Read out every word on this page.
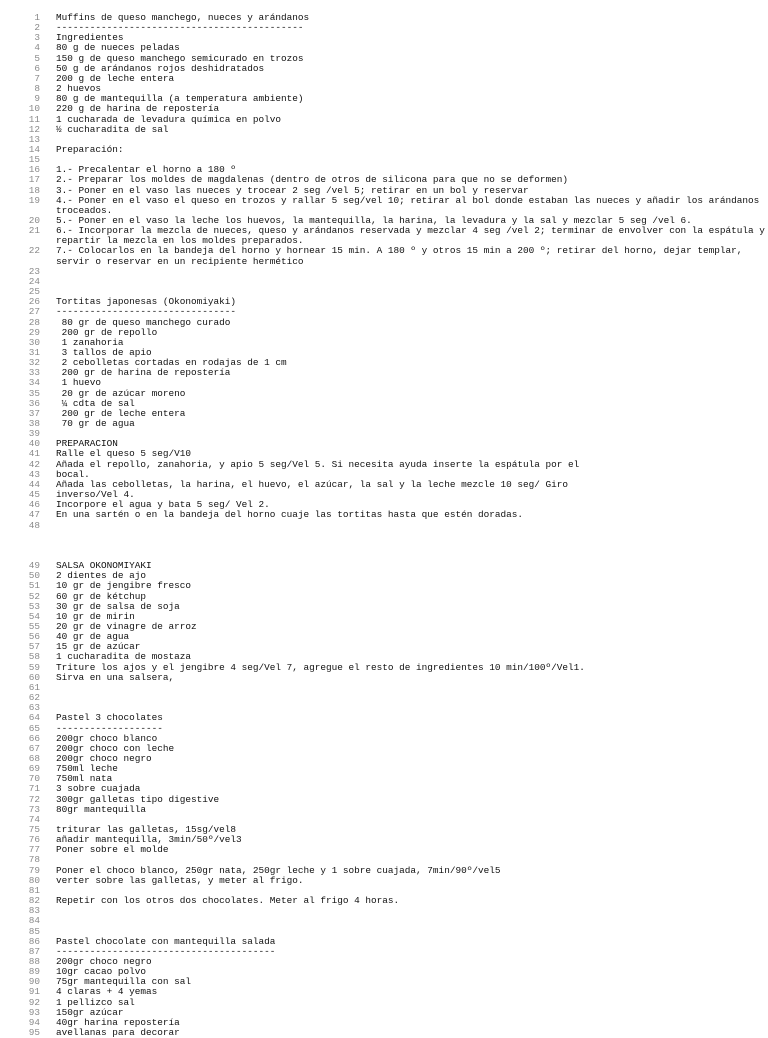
1 Muffins de queso manchego, nueces y arándanos
2 --------------------------------------------
3 Ingredientes
4 80 g de nueces peladas
5 150 g de queso manchego semicurado en trozos
6 50 g de arándanos rojos deshidratados
7 200 g de leche entera
8 2 huevos
9 80 g de mantequilla (a temperatura ambiente)
10 220 g de harina de repostería
11 1 cucharada de levadura química en polvo
12 ½ cucharadita de sal
13
14 Preparación:
15
16 1.- Precalentar el horno a 180 º
17 2.- Preparar los moldes de magdalenas (dentro de otros de silicona para que no se deformen)
18 3.- Poner en el vaso las nueces y trocear 2 seg /vel 5; retirar en un bol y reservar
19 4.- Poner en el vaso el queso en trozos y rallar 5 seg/vel 10; retirar al bol donde estaban las nueces y añadir los arándanos
troceados.
20 5.- Poner en el vaso la leche los huevos, la mantequilla, la harina, la levadura y la sal y mezclar 5 seg /vel 6.
21 6.- Incorporar la mezcla de nueces, queso y arándanos reservada y mezclar 4 seg /vel 2; terminar de envolver con la espátula y
repartir la mezcla en los moldes preparados.
22 7.- Colocarlos en la bandeja del horno y hornear 15 min. A 180 º y otros 15 min a 200 º; retirar del horno, dejar templar,
servir o reservar en un recipiente hermético
23
24
25
26 Tortitas japonesas (Okonomiyaki)
27 --------------------------------
28 80 gr de queso manchego curado
29 200 gr de repollo
30 1 zanahoria
31 3 tallos de apio
32 2 cebolletas cortadas en rodajas de 1 cm
33 200 gr de harina de repostería
34 1 huevo
35 20 gr de azúcar moreno
36 ¼ cdta de sal
37 200 gr de leche entera
38 70 gr de agua
39
40 PREPARACION
41 Ralle el queso 5 seg/V10
42 Añada el repollo, zanahoria, y apio 5 seg/Vel 5. Si necesita ayuda inserte la espátula por el
43 bocal.
44 Añada las cebolletas, la harina, el huevo, el azúcar, la sal y la leche mezcle 10 seg/ Giro
45 inverso/Vel 4.
46 Incorpore el agua y bata 5 seg/ Vel 2.
47 En una sartén o en la bandeja del horno cuaje las tortitas hasta que estén doradas.
48
49 SALSA OKONOMIYAKI
50 2 dientes de ajo
51 10 gr de jengibre fresco
52 60 gr de kétchup
53 30 gr de salsa de soja
54 10 gr de mirin
55 20 gr de vinagre de arroz
56 40 gr de agua
57 15 gr de azúcar
58 1 cucharadita de mostaza
59 Triture los ajos y el jengibre 4 seg/Vel 7, agregue el resto de ingredientes 10 min/100º/Vel1.
60 Sirva en una salsera,
61
62
63
64 Pastel 3 chocolates
65 -------------------
66 200gr choco blanco
67 200gr choco con leche
68 200gr choco negro
69 750ml leche
70 750ml nata
71 3 sobre cuajada
72 300gr galletas tipo digestive
73 80gr mantequilla
74
75 triturar las galletas, 15sg/vel8
76 añadir mantequilla, 3min/50º/vel3
77 Poner sobre el molde
78
79 Poner el choco blanco, 250gr nata, 250gr leche y 1 sobre cuajada, 7min/90º/vel5
80 verter sobre las galletas, y meter al frigo.
81
82 Repetir con los otros dos chocolates. Meter al frigo 4 horas.
83
84
85
86 Pastel chocolate con mantequilla salada
87 ---------------------------------------
88 200gr choco negro
89 10gr cacao polvo
90 75gr mantequilla con sal
91 4 claras + 4 yemas
92 1 pellizco sal
93 150gr azúcar
94 40gr harina repostería
95 avellanas para decorar
